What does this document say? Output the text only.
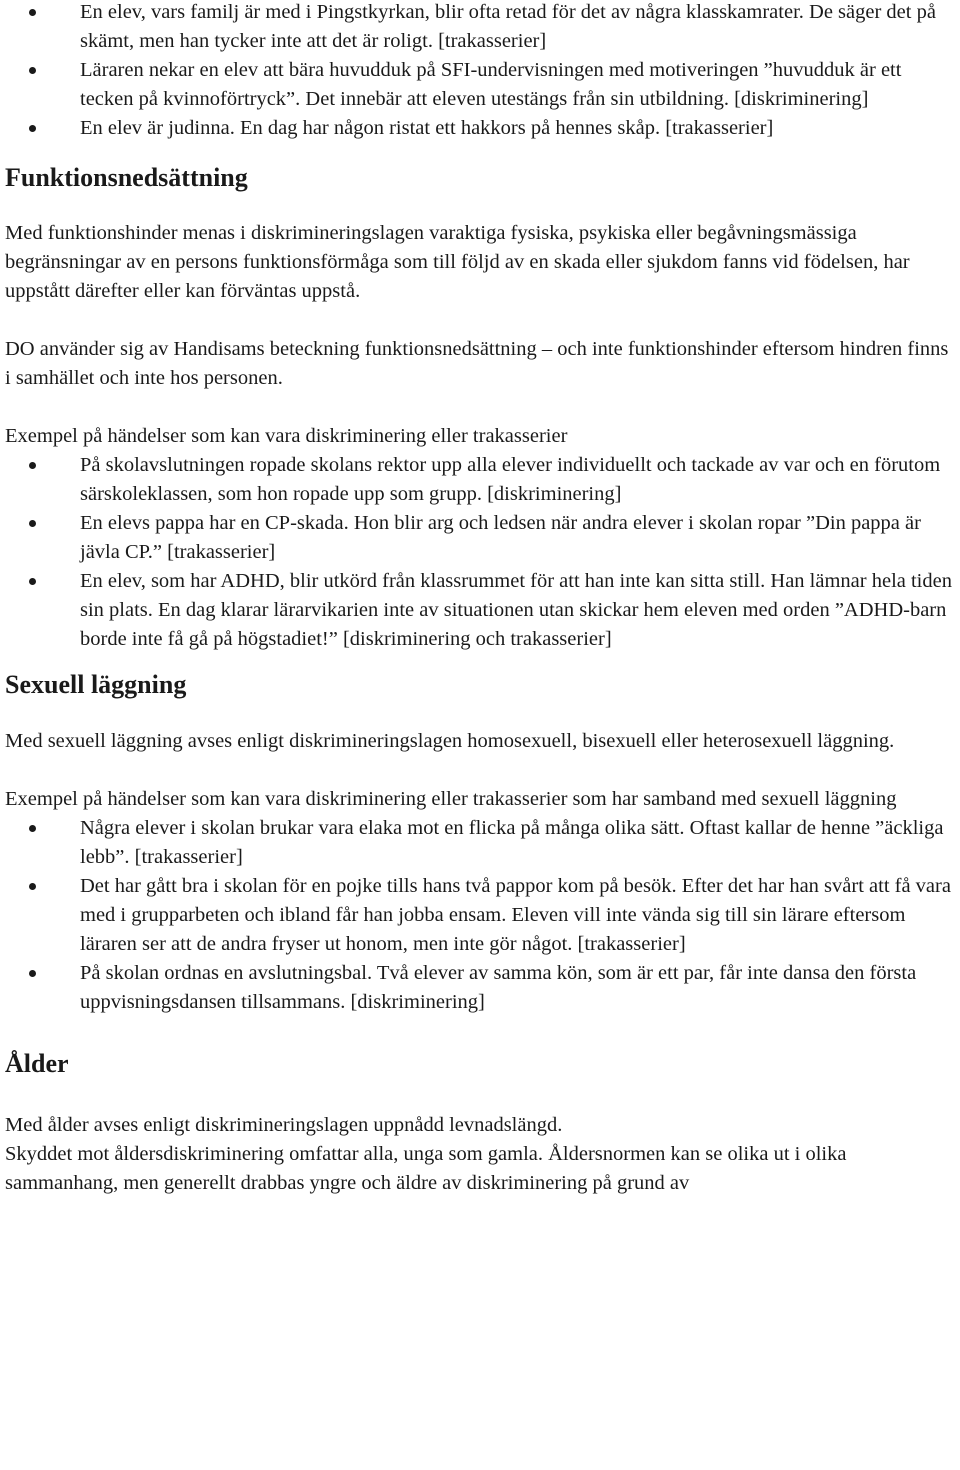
En elev, vars familj är med i Pingstkyrkan, blir ofta retad för det av några klasskamrater. De säger det på skämt, men han tycker inte att det är roligt. [trakasserier]
Läraren nekar en elev att bära huvudduk på SFI-undervisningen med motiveringen ”huvudduk är ett tecken på kvinnoförtryck”. Det innebär att eleven utestängs från sin utbildning. [diskriminering]
En elev är judinna. En dag har någon ristat ett hakkors på hennes skåp. [trakasserier]
Funktionsnedsättning

Med funktionshinder menas i diskrimineringslagen varaktiga fysiska, psykiska eller begåvningsmässiga begränsningar av en persons funktionsförmåga som till följd av en skada eller sjukdom fanns vid födelsen, har uppstått därefter eller kan förväntas uppstå.

DO använder sig av Handisams beteckning funktionsnedsättning – och inte funktionshinder eftersom hindren finns i samhället och inte hos personen.

Exempel på händelser som kan vara diskriminering eller trakasserier

På skolavslutningen ropade skolans rektor upp alla elever individuellt och tackade av var och en förutom särskoleklassen, som hon ropade upp som grupp. [diskriminering]
En elevs pappa har en CP-skada. Hon blir arg och ledsen när andra elever i skolan ropar ”Din pappa är jävla CP.” [trakasserier]
En elev, som har ADHD, blir utkörd från klassrummet för att han inte kan sitta still. Han lämnar hela tiden sin plats. En dag klarar lärarvikarien inte av situationen utan skickar hem eleven med orden ”ADHD-barn borde inte få gå på högstadiet!” [diskriminering och trakasserier]
Sexuell läggning

Med sexuell läggning avses enligt diskrimineringslagen homosexuell, bisexuell eller heterosexuell läggning.

Exempel på händelser som kan vara diskriminering eller trakasserier som har samband med sexuell läggning

Några elever i skolan brukar vara elaka mot en flicka på många olika sätt. Oftast kallar de henne ”äckliga lebb”. [trakasserier]
Det har gått bra i skolan för en pojke tills hans två pappor kom på besök. Efter det har han svårt att få vara med i grupparbeten och ibland får han jobba ensam. Eleven vill inte vända sig till sin lärare eftersom läraren ser att de andra fryser ut honom, men inte gör något. [trakasserier]
På skolan ordnas en avslutningsbal. Två elever av samma kön, som är ett par, får inte dansa den första uppvisningsdansen tillsammans. [diskriminering]
Ålder

Med ålder avses enligt diskrimineringslagen uppnådd levnadslängd.

Skyddet mot åldersdiskriminering omfattar alla, unga som gamla. Åldersnormen kan se olika ut i olika sammanhang, men generellt drabbas yngre och äldre av diskriminering på grund av
